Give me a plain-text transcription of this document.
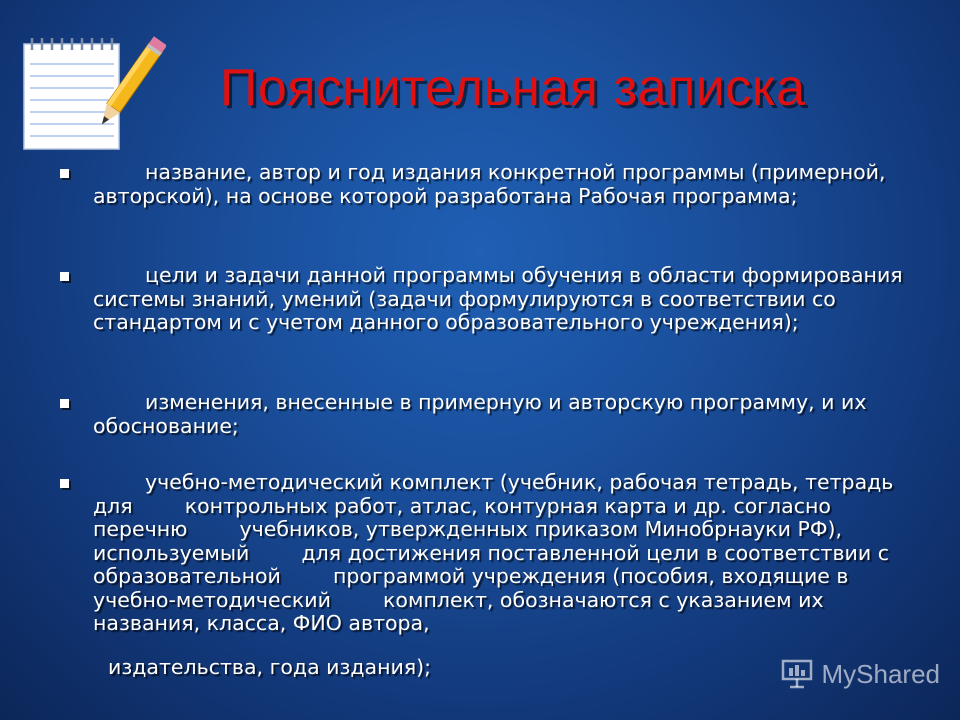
Пояснительная записка

название, автор и год издания конкретной программы (примерной,        авторской), на основе которой разработана Рабочая программа;

цели и задачи данной программы обучения в области формирования        системы знаний, умений (задачи формулируются в соответствии со        стандартом и с учетом данного образовательного учреждения);

изменения, внесенные в примерную и авторскую программу, и их        обоснование;

учебно-методический комплект (учебник, рабочая тетрадь, тетрадь для        контрольных работ, атлас, контурная карта и др. согласно перечню        учебников, утвержденных приказом Минобрнауки РФ), используемый        для достижения поставленной цели в соответствии с образовательной        программой учреждения (пособия, входящие в учебно-методический        комплект, обозначаются с указанием их названия, класса, ФИО автора,

издательства, года издания);	MyShared
